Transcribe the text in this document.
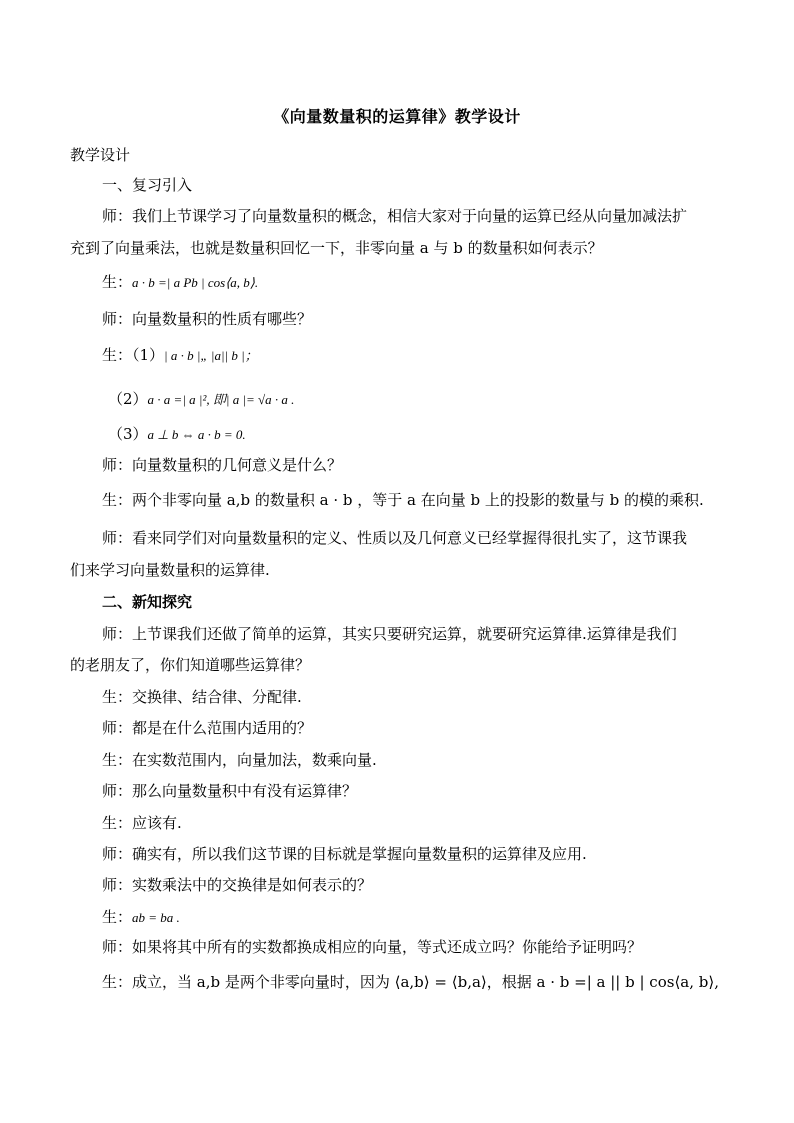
《向量数量积的运算律》教学设计
教学设计
一、复习引入
师：我们上节课学习了向量数量积的概念，相信大家对于向量的运算已经从向量加减法扩
充到了向量乘法，也就是数量积回忆一下，非零向量 a 与 b 的数量积如何表示？
生：a · b =| a Pb | cos⟨a, b⟩.
师：向量数量积的性质有哪些？
生：（1）| a · b |„ |a|| b |；
（2）a · a =| a |², 即| a |= √a · a .
（3）a ⊥ b ⇔ a · b = 0.
师：向量数量积的几何意义是什么？
生：两个非零向量 a,b 的数量积 a · b ，等于 a 在向量 b 上的投影的数量与 b 的模的乘积.
师：看来同学们对向量数量积的定义、性质以及几何意义已经掌握得很扎实了，这节课我
们来学习向量数量积的运算律.
二、新知探究
师：上节课我们还做了简单的运算，其实只要研究运算，就要研究运算律.运算律是我们
的老朋友了，你们知道哪些运算律？
生：交换律、结合律、分配律.
师：都是在什么范围内适用的？
生：在实数范围内，向量加法，数乘向量.
师：那么向量数量积中有没有运算律？
生：应该有.
师：确实有，所以我们这节课的目标就是掌握向量数量积的运算律及应用.
师：实数乘法中的交换律是如何表示的？
生：ab = ba .
师：如果将其中所有的实数都换成相应的向量，等式还成立吗？你能给予证明吗？
生：成立，当 a,b 是两个非零向量时，因为 ⟨a,b⟩ = ⟨b,a⟩，根据 a · b =| a || b | cos⟨a, b⟩,
